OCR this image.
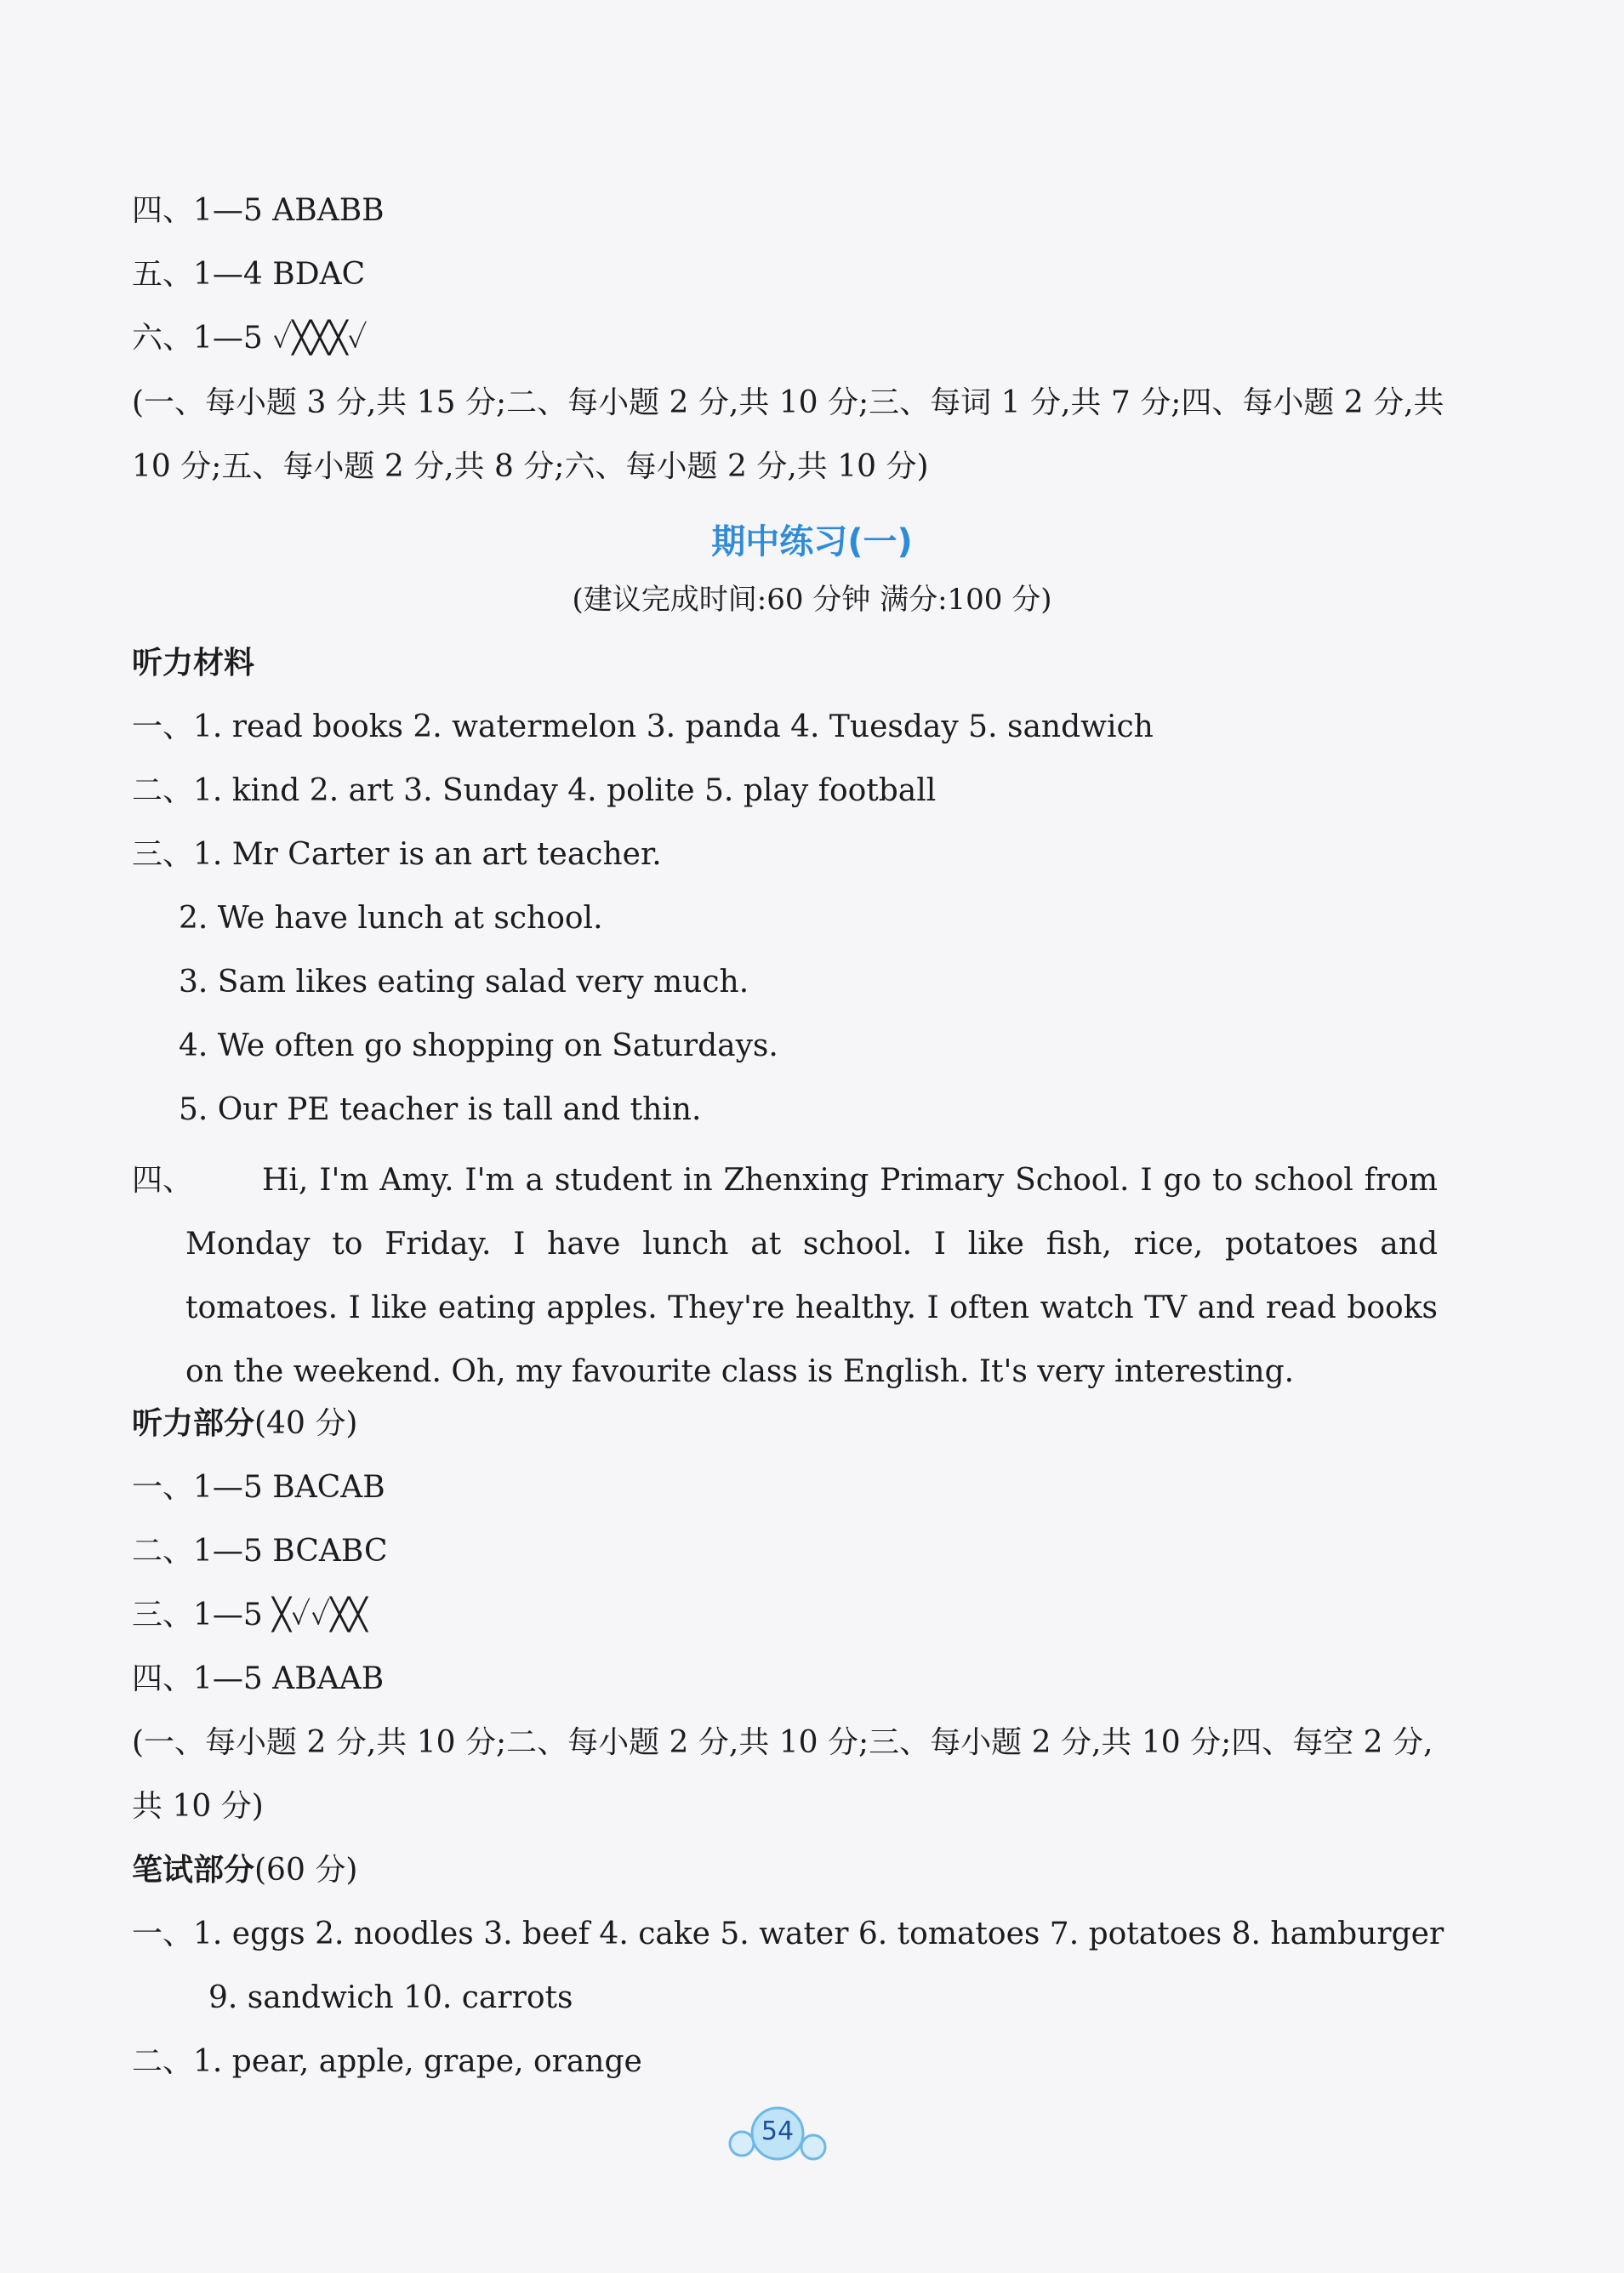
四、1—5 ABABB
五、1—4 BDAC
六、1—5 ✓╳╳╳✓
(一、每小题 3 分,共 15 分;二、每小题 2 分,共 10 分;三、每词 1 分,共 7 分;四、每小题 2 分,共
10 分;五、每小题 2 分,共 8 分;六、每小题 2 分,共 10 分)
期中练习(一)
(建议完成时间:60 分钟 满分:100 分)
听力材料
一、1. read books 2. watermelon 3. panda 4. Tuesday 5. sandwich
二、1. kind 2. art 3. Sunday 4. polite 5. play football
三、1. Mr Carter is an art teacher.
2. We have lunch at school.
3. Sam likes eating salad very much.
4. We often go shopping on Saturdays.
5. Our PE teacher is tall and thin.
四、	Hi, I'm Amy. I'm a student in Zhenxing Primary School. I go to school from Monday to Friday. I have lunch at school. I like fish, rice, potatoes and tomatoes. I like eating apples. They're healthy. I often watch TV and read books on the weekend. Oh, my favourite class is English. It's very interesting.
听力部分(40 分)
一、1—5 BACAB
二、1—5 BCABC
三、1—5 ╳✓✓╳╳
四、1—5 ABAAB
(一、每小题 2 分,共 10 分;二、每小题 2 分,共 10 分;三、每小题 2 分,共 10 分;四、每空 2 分,
共 10 分)
笔试部分(60 分)
一、1. eggs 2. noodles 3. beef 4. cake 5. water 6. tomatoes 7. potatoes 8. hamburger
9. sandwich 10. carrots
二、1. pear, apple, grape, orange
54
